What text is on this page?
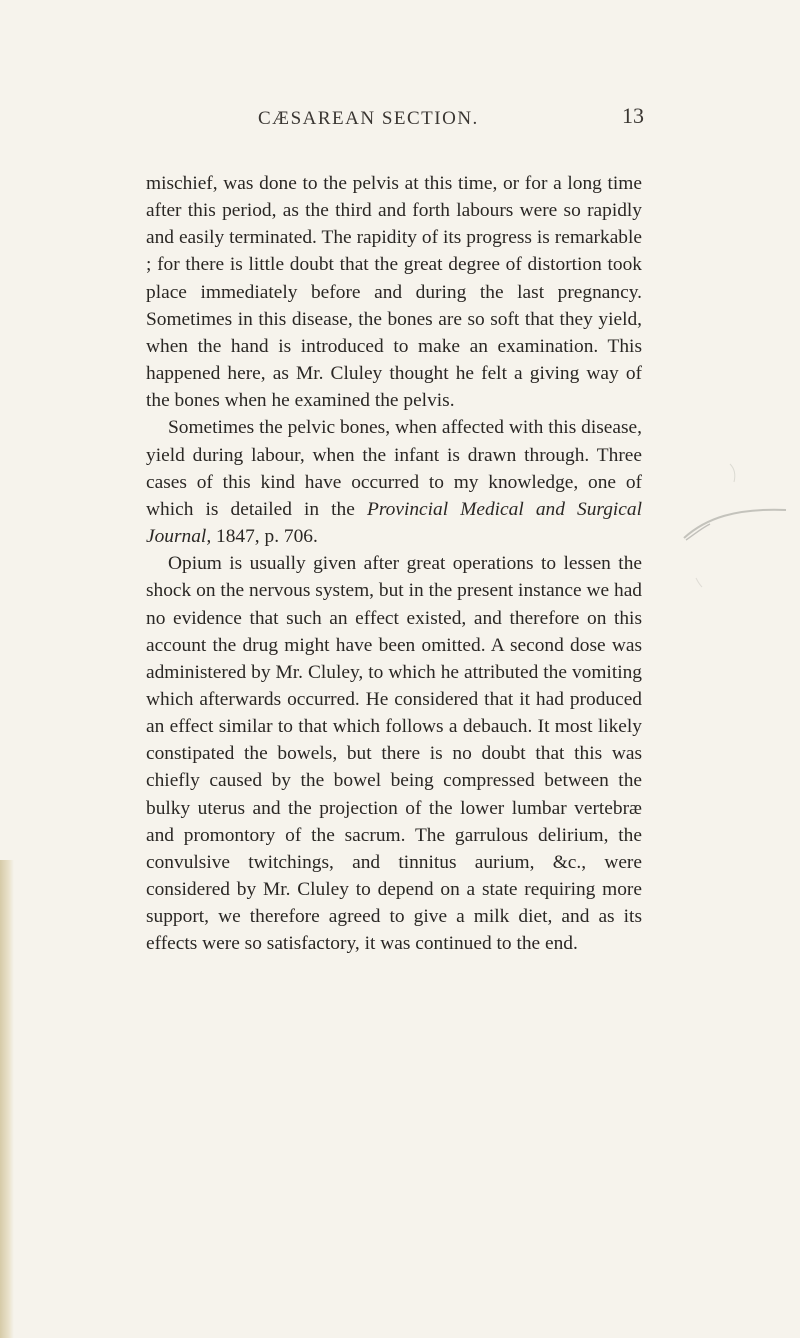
CÆSAREAN SECTION.	13

mischief, was done to the pelvis at this time, or for a long time after this period, as the third and forth labours were so rapidly and easily terminated. The rapidity of its progress is remarkable ; for there is little doubt that the great degree of distortion took place immediately before and during the last pregnancy. Sometimes in this disease, the bones are so soft that they yield, when the hand is introduced to make an examination. This happened here, as Mr. Cluley thought he felt a giving way of the bones when he examined the pelvis.

Sometimes the pelvic bones, when affected with this disease, yield during labour, when the infant is drawn through. Three cases of this kind have occurred to my knowledge, one of which is detailed in the Provincial Medical and Surgical Journal, 1847, p. 706.

Opium is usually given after great operations to lessen the shock on the nervous system, but in the present instance we had no evidence that such an effect existed, and therefore on this account the drug might have been omitted. A second dose was administered by Mr. Cluley, to which he attributed the vomiting which afterwards occurred. He considered that it had produced an effect similar to that which follows a debauch. It most likely constipated the bowels, but there is no doubt that this was chiefly caused by the bowel being compressed between the bulky uterus and the projection of the lower lumbar vertebræ and promontory of the sacrum. The garrulous delirium, the convulsive twitchings, and tinnitus aurium, &c., were considered by Mr. Cluley to depend on a state requiring more support, we therefore agreed to give a milk diet, and as its effects were so satisfactory, it was continued to the end.
